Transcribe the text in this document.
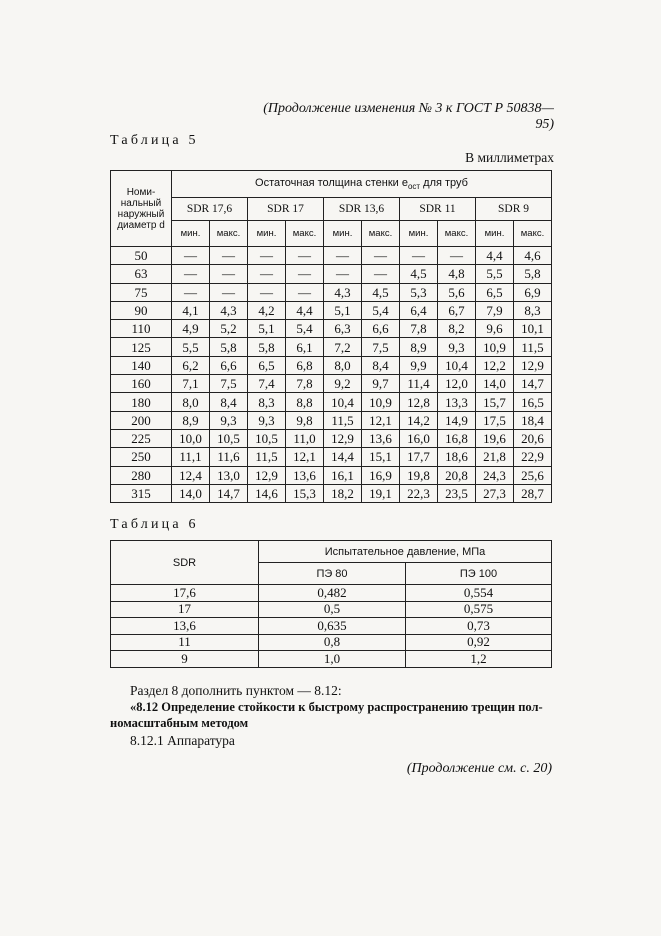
(Продолжение изменения № 3 к ГОСТ Р 50838—95)
Таблица 5
В миллиметрах
Номи-
нальный
наружный
диаметр d	Остаточная толщина стенки $e_{ост}$ для труб									
	SDR 17,6		SDR 17		SDR 13,6		SDR 11		SDR 9	
	мин.	макс.	мин.	макс.	мин.	макс.	мин.	макс.	мин.	макс.
50	—	—	—	—	—	—	—	—	4,4	4,6
63	—	—	—	—	—	—	4,5	4,8	5,5	5,8
75	—	—	—	—	4,3	4,5	5,3	5,6	6,5	6,9
90	4,1	4,3	4,2	4,4	5,1	5,4	6,4	6,7	7,9	8,3
110	4,9	5,2	5,1	5,4	6,3	6,6	7,8	8,2	9,6	10,1
125	5,5	5,8	5,8	6,1	7,2	7,5	8,9	9,3	10,9	11,5
140	6,2	6,6	6,5	6,8	8,0	8,4	9,9	10,4	12,2	12,9
160	7,1	7,5	7,4	7,8	9,2	9,7	11,4	12,0	14,0	14,7
180	8,0	8,4	8,3	8,8	10,4	10,9	12,8	13,3	15,7	16,5
200	8,9	9,3	9,3	9,8	11,5	12,1	14,2	14,9	17,5	18,4
225	10,0	10,5	10,5	11,0	12,9	13,6	16,0	16,8	19,6	20,6
250	11,1	11,6	11,5	12,1	14,4	15,1	17,7	18,6	21,8	22,9
280	12,4	13,0	12,9	13,6	16,1	16,9	19,8	20,8	24,3	25,6
315	14,0	14,7	14,6	15,3	18,2	19,1	22,3	23,5	27,3	28,7
Таблица 6
SDR	Испытательное давление, МПа	
	ПЭ 80	ПЭ 100
17,6	0,482	0,554
17	0,5	0,575
13,6	0,635	0,73
11	0,8	0,92
9	1,0	1,2
Раздел 8 дополнить пунктом — 8.12:
«8.12 Определение стойкости к быстрому распространению трещин пол-
номасштабным методом
8.12.1 Аппаратура
(Продолжение см. с. 20)
